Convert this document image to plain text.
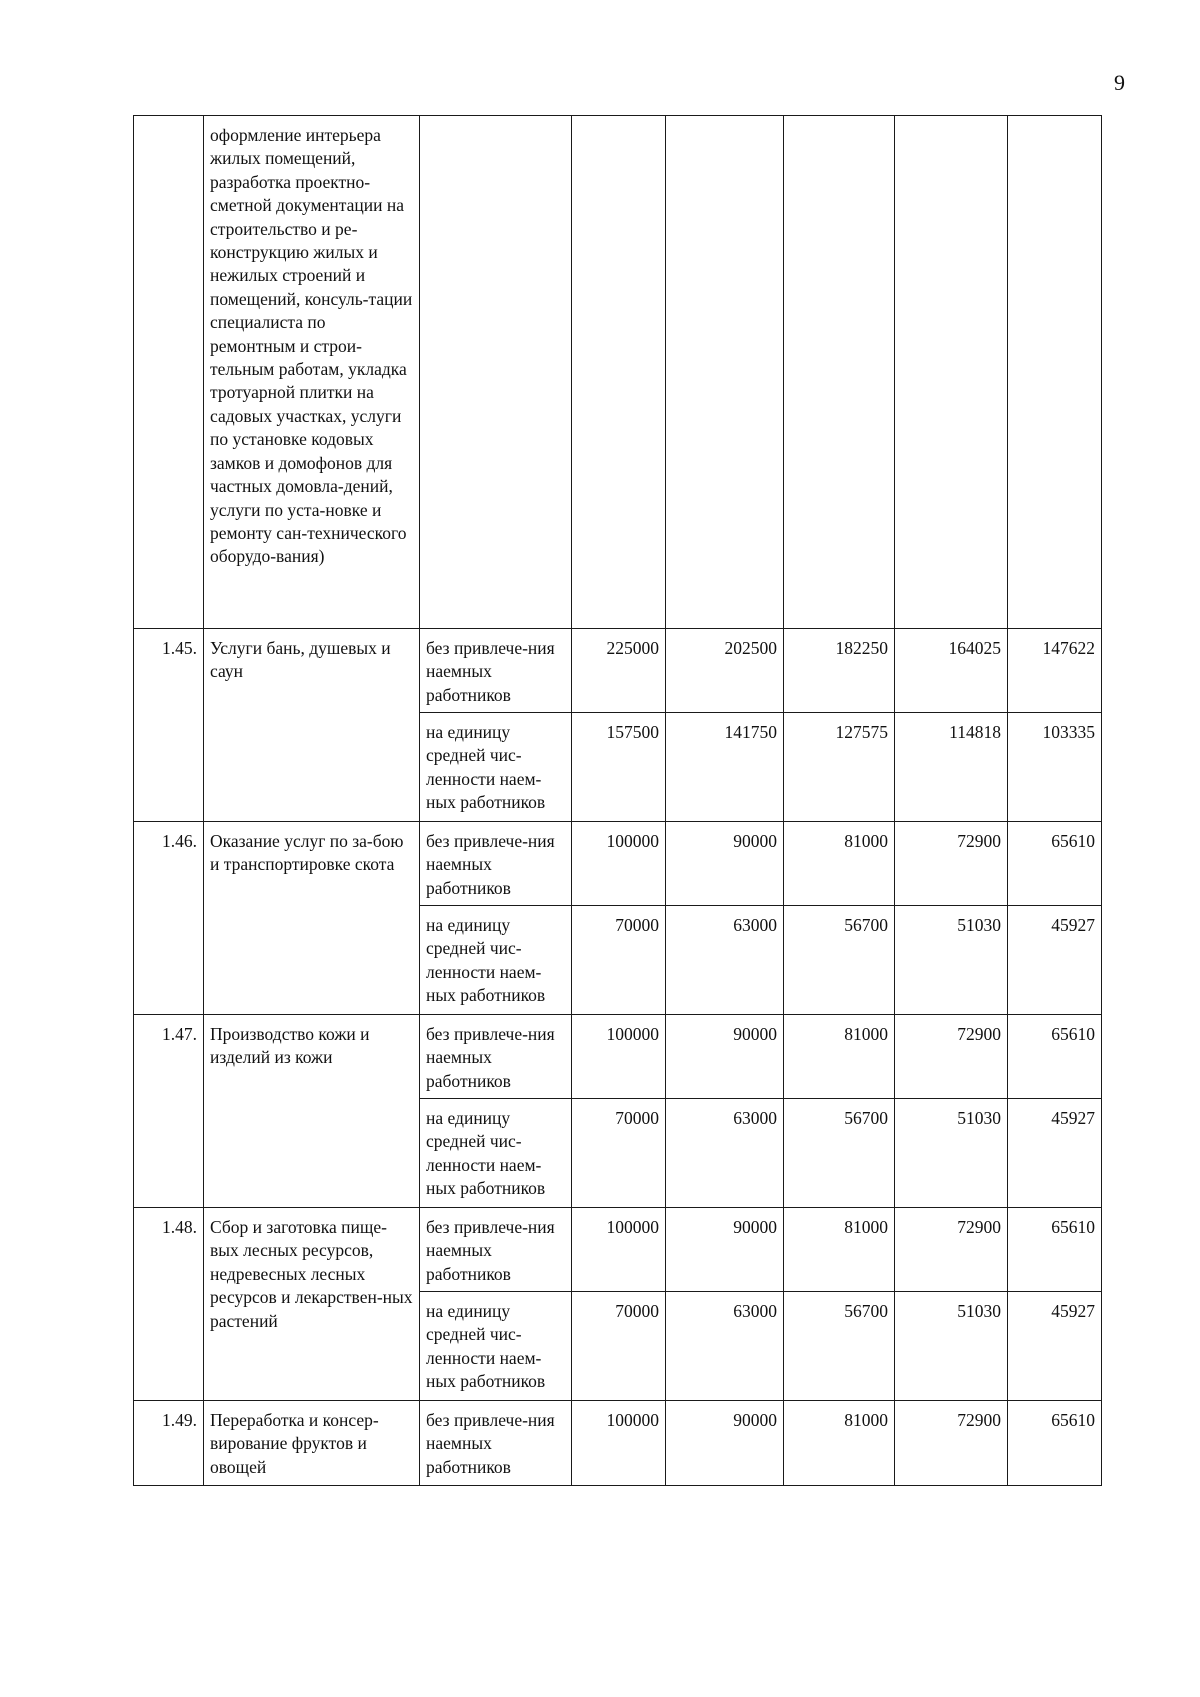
9
	оформление интерьера жилых помещений, разработка проектно-сметной документации на строительство и ре-конструкцию жилых и нежилых строений и помещений, консуль-тации специалиста по ремонтным и строи-тельным работам, укладка тротуарной плитки на садовых участках, услуги по установке кодовых замков и домофонов для частных домовла-дений, услуги по уста-новке и ремонту сан-технического оборудо-вания)						
1.45.	Услуги бань, душевых и саун	без привлече-ния наемных работников	225000	202500	182250	164025	147622
		на единицу средней чис-ленности наем-ных работников	157500	141750	127575	114818	103335
1.46.	Оказание услуг по за-бою и транспортировке скота	без привлече-ния наемных работников	100000	90000	81000	72900	65610
		на единицу средней чис-ленности наем-ных работников	70000	63000	56700	51030	45927
1.47.	Производство кожи и изделий из кожи	без привлече-ния наемных работников	100000	90000	81000	72900	65610
		на единицу средней чис-ленности наем-ных работников	70000	63000	56700	51030	45927
1.48.	Сбор и заготовка пище-вых лесных ресурсов, недревесных лесных ресурсов и лекарствен-ных растений	без привлече-ния наемных работников	100000	90000	81000	72900	65610
		на единицу средней чис-ленности наем-ных работников	70000	63000	56700	51030	45927
1.49.	Переработка и консер-вирование фруктов и овощей	без привлече-ния наемных работников	100000	90000	81000	72900	65610
